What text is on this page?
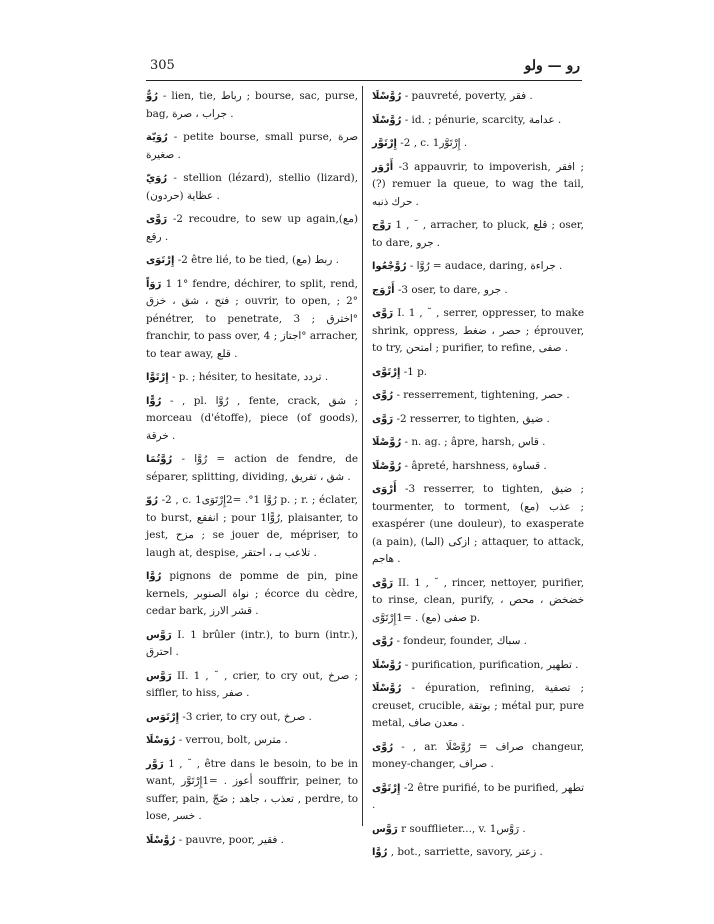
305	رو — ولو

رُوٌّ - lien, tie, رباط ; bourse, sac, purse, bag, جراب ، صرة .

رُوَيّة - petite bourse, small purse, صرة صغيرة .

رُوَيّ - stellion (lézard), stellio (lizard), (حردون) عظاية .

رَوَّى -2 recoudre, to sew up again,(مع) رقع .

إِرْتَوَى -2 être lié, to be tied, (مع) ربط .

رَوَاً 1 1° fendre, déchirer, to split, rend, فتح ، شق ، خزق ; ouvrir, to open, ; 2° pénétrer, to penetrate, اخترق ; 3° franchir, to pass over, اجتاز ; 4° arracher, to tear away, قلع .

إِرْتَوَّا - p. ; hésiter, to hesitate, تردد .

رُوًّا - , pl. رُوَّا , fente, crack, شق ; morceau (d'étoffe), piece (of goods), خرقة .

رُوَّتُمَا - رُوَّا = action de fendre, de séparer, splitting, dividing, شق ، تفريق .

رُوّ -2 , c. 1رُوَّا 1°. =2إِرْتَوَى p. ; r. ; éclater, to burst, انفقع ; pour 1رُوًّا, plaisanter, to jest, مزح ; se jouer de, mépriser, to laugh at, despise, تلاعب بـ ، احتقر .

رُوَّا pignons de pomme de pin, pine kernels, نواة الصنوبر ; écorce du cèdre, cedar bark, قشر الارز .

رَوَّس I. 1 brûler (intr.), to burn (intr.), احترق .

رَوَّس II. 1 , ˘ , crier, to cry out, صرخ ; siffler, to hiss, صفر .

إِرْتَوَس -3 crier, to cry out, صرخ .

رُوَسْلَا - verrou, bolt, مترس .

رَوَّر 1 , ˘ , être dans le besoin, to be in want, أعوز . =1إِرْتَوَّر souffrir, peiner, to suffer, pain, تعذب ، جاهد ; ضَجّ , perdre, to lose, خسر .

رُوَّسْلَا - pauvre, poor, فقير .

رُوَّسْلَا - pauvreté, poverty, فقر .

رُوَّسْلَا - id. ; pénurie, scarcity, عدامة .

إِرْتَوَّر -2 , c. 1إِرْتَوَّر .

أَرْوَر -3 appauvrir, to impoverish, افقر ; (?) remuer la queue, to wag the tail, حرك ذنبه .

رَوَّج 1 , ˘ , arracher, to pluck, قلع ; oser, to dare, جرو .

رُوَّجْعُوا - رُوَّا = audace, daring, جراءة .

أَرْوَج -3 oser, to dare, جرو .

رَوَّى I. 1 , ˘ , serrer, oppresser, to make shrink, oppress, حصر ، ضغط ; éprouver, to try, امتحن ; purifier, to refine, صفى .

إِرْتَوَّى -1 p.

رُوَّى - resserrement, tightening, حصر .

رَوَّى -2 resserrer, to tighten, ضيق .

رُوَّصْلَا - n. ag. ; âpre, harsh, قاس .

رُوَّصْلَا - âpreté, harshness, قساوة .

أَرْوَى -3 resserrer, to tighten, ضيق ; tourmenter, to torment, (مع) عذب ; exaspérer (une douleur), to exasperate (a pain), (الما) ازكى ; attaquer, to attack, هاجم .

رَوَّى II. 1 , ˘ , rincer, nettoyer, purifier, to rinse, clean, purify, خضخض ، محص ، صفى (مع) . =1إِرْتَوَّى p.

رُوَّى - fondeur, founder, سباك .

رُوَّسْلَا - purification, purification, تطهير .

رُوَّسْلَا - épuration, refining, تصفية ; creuset, crucible, بوتقة ; métal pur, pure metal, معدن صاف .

رُوَّى - , ar. صراف = رُوَّصْلَا changeur, money-changer, صراف .

إِرْتَوَّى -2 être purifié, to be purified, تطهر .

رَوَّس r soufflieter..., v. 1رَوَّس .

رُوَّا , bot., sarriette, savory, زعتر .
